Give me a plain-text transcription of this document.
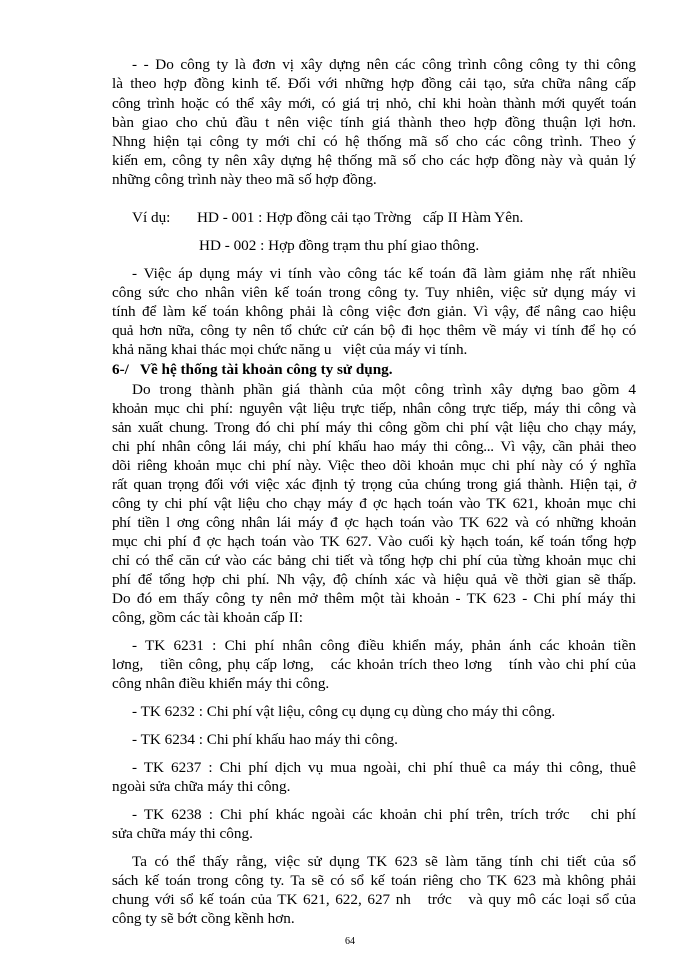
- - Do công ty là đơn vị xây dựng nên các công trình công công ty thi công
là theo hợp đồng kinh tế. Đối với những hợp đồng cải tạo, sửa chữa nâng cấp
công trình hoặc có thể xây mới, có giá trị nhỏ, chỉ khi hoàn thành mới quyết toán
bàn giao cho chủ đầu t nên việc tính giá thành theo hợp đồng thuận lợi hơn.
Nhng hiện tại công ty mới chỉ có hệ thống mã số cho các công trình. Theo ý
kiến em, công ty nên xây dựng hệ thống mã số cho các hợp đồng này và quản lý
những công trình này theo mã số hợp đồng.
Ví dụ:       HD - 001 : Hợp đồng cải tạo Trờng   cấp II Hàm Yên.
HD - 002 : Hợp đồng trạm thu phí giao thông.
- Việc áp dụng máy vi tính vào công tác kế toán đã làm giảm nhẹ rất nhiều
công sức cho nhân viên kế toán trong công ty. Tuy nhiên, việc sử dụng máy vi
tính để làm kế toán không phải là công việc đơn giản. Vì vậy, để nâng cao hiệu
quả hơn nữa, công ty nên tổ chức cử cán bộ đi học thêm về máy vi tính để họ có
khả năng khai thác mọi chức năng u   việt của máy vi tính.
6-/   Về hệ thống tài khoản công ty sử dụng.
Do trong thành phần giá thành của một công trình xây dựng bao gồm 4
khoản mục chi phí: nguyên vật liệu trực tiếp, nhân công trực tiếp, máy thi công và
sản xuất chung. Trong đó chi phí máy thi công gồm chi phí vật liệu cho chạy máy,
chi phí nhân công lái máy, chi phí khấu hao máy thi công... Vì vậy, cần phải theo
dõi riêng khoản mục chi phí này. Việc theo dõi khoản mục chi phí này có ý nghĩa
rất quan trọng đối với việc xác định tỷ trọng của chúng trong giá thành. Hiện tại, ở
công ty chi phí vật liệu cho chạy máy đ ợc hạch toán vào TK 621, khoản mục chi
phí tiền l ơng công nhân lái máy đ ợc hạch toán vào TK 622 và có những khoản
mục chi phí đ ợc hạch toán vào TK 627. Vào cuối kỳ hạch toán, kế toán tổng hợp
chỉ có thể căn cứ vào các bảng chi tiết và tổng hợp chi phí của từng khoản mục chi
phí để tổng hợp chi phí. Nh vậy, độ chính xác và hiệu quả về thời gian sẽ thấp.
Do đó em thấy công ty nên mở thêm một tài khoản - TK 623 - Chi phí máy thi
công, gồm các tài khoản cấp II:
- TK 6231 : Chi phí nhân công điều khiển máy, phản ánh các khoản tiền
lơng,   tiền công, phụ cấp lơng,   các khoản trích theo lơng   tính vào chi phí của
công nhân điều khiển máy thi công.
- TK 6232 : Chi phí vật liệu, công cụ dụng cụ dùng cho máy thi công.
- TK 6234 : Chi phí khấu hao máy thi công.
- TK 6237 : Chi phí dịch vụ mua ngoài, chi phí thuê ca máy thi công, thuê
ngoài sửa chữa máy thi công.
- TK 6238 : Chi phí khác ngoài các khoản chi phí trên, trích trớc   chi phí
sửa chữa máy thi công.
Ta có thể thấy rằng, việc sử dụng TK 623 sẽ làm tăng tính chi tiết của sổ
sách kế toán trong công ty. Ta sẽ có sổ kế toán riêng cho TK 623 mà không phải
chung với sổ kế toán của TK 621, 622, 627 nh   trớc   và quy mô các loại sổ của
công ty sẽ bớt cồng kềnh hơn.
64
